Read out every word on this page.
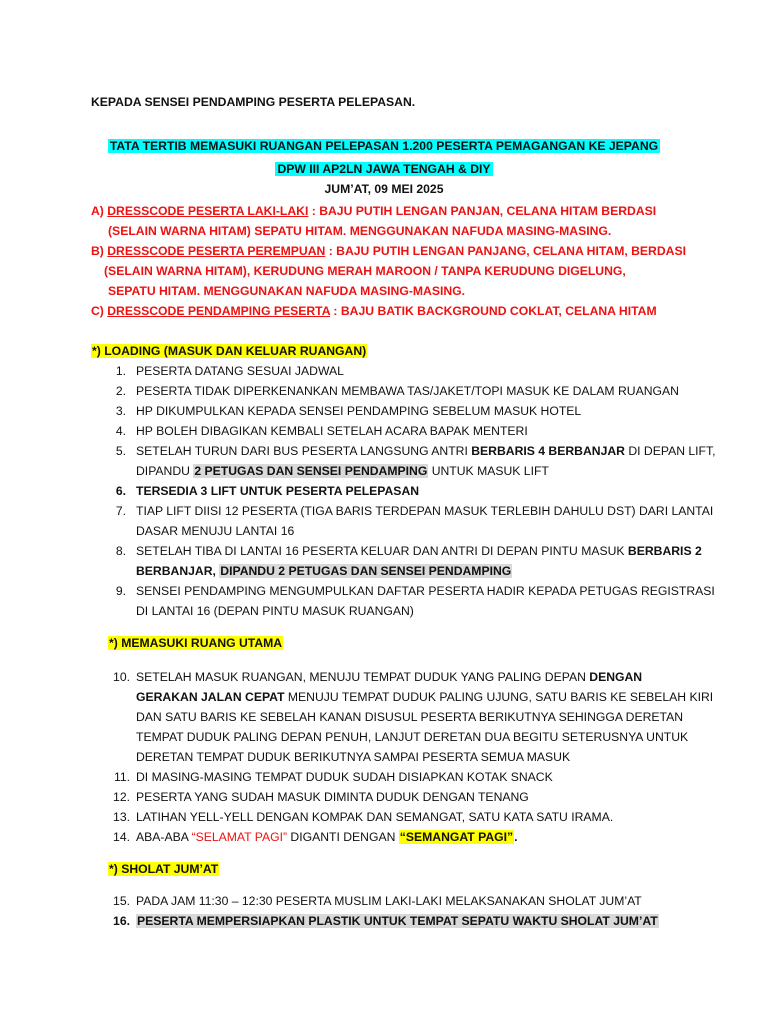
KEPADA SENSEI PENDAMPING PESERTA PELEPASAN.
TATA TERTIB MEMASUKI RUANGAN PELEPASAN 1.200 PESERTA PEMAGANGAN KE JEPANG
DPW III AP2LN JAWA TENGAH & DIY
JUM’AT, 09 MEI 2025
A) DRESSCODE PESERTA LAKI-LAKI : BAJU PUTIH LENGAN PANJAN, CELANA HITAM BERDASI
(SELAIN WARNA HITAM) SEPATU HITAM. MENGGUNAKAN NAFUDA MASING-MASING.
B) DRESSCODE PESERTA PEREMPUAN : BAJU PUTIH LENGAN PANJANG, CELANA HITAM, BERDASI
(SELAIN WARNA HITAM), KERUDUNG MERAH MAROON / TANPA KERUDUNG DIGELUNG,
SEPATU HITAM. MENGGUNAKAN NAFUDA MASING-MASING.
C) DRESSCODE PENDAMPING PESERTA : BAJU BATIK BACKGROUND COKLAT, CELANA HITAM
*) LOADING (MASUK DAN KELUAR RUANGAN)
1. PESERTA DATANG SESUAI JADWAL
2. PESERTA TIDAK DIPERKENANKAN MEMBAWA TAS/JAKET/TOPI MASUK KE DALAM RUANGAN
3. HP DIKUMPULKAN KEPADA SENSEI PENDAMPING SEBELUM MASUK HOTEL
4. HP BOLEH DIBAGIKAN KEMBALI SETELAH ACARA BAPAK MENTERI
5. SETELAH TURUN DARI BUS PESERTA LANGSUNG ANTRI BERBARIS 4 BERBANJAR DI DEPAN LIFT,
DIPANDU 2 PETUGAS DAN SENSEI PENDAMPING UNTUK MASUK LIFT
6. TERSEDIA 3 LIFT UNTUK PESERTA PELEPASAN
7. TIAP LIFT DIISI 12 PESERTA (TIGA BARIS TERDEPAN MASUK TERLEBIH DAHULU DST) DARI LANTAI
DASAR MENUJU LANTAI 16
8. SETELAH TIBA DI LANTAI 16 PESERTA KELUAR DAN ANTRI DI DEPAN PINTU MASUK BERBARIS 2
BERBANJAR, DIPANDU 2 PETUGAS DAN SENSEI PENDAMPING
9. SENSEI PENDAMPING MENGUMPULKAN DAFTAR PESERTA HADIR KEPADA PETUGAS REGISTRASI
DI LANTAI 16 (DEPAN PINTU MASUK RUANGAN)
*) MEMASUKI RUANG UTAMA
10. SETELAH MASUK RUANGAN, MENUJU TEMPAT DUDUK YANG PALING DEPAN DENGAN
GERAKAN JALAN CEPAT MENUJU TEMPAT DUDUK PALING UJUNG, SATU BARIS KE SEBELAH KIRI
DAN SATU BARIS KE SEBELAH KANAN DISUSUL PESERTA BERIKUTNYA SEHINGGA DERETAN
TEMPAT DUDUK PALING DEPAN PENUH, LANJUT DERETAN DUA BEGITU SETERUSNYA UNTUK
DERETAN TEMPAT DUDUK BERIKUTNYA SAMPAI PESERTA SEMUA MASUK
11. DI MASING-MASING TEMPAT DUDUK SUDAH DISIAPKAN KOTAK SNACK
12. PESERTA YANG SUDAH MASUK DIMINTA DUDUK DENGAN TENANG
13. LATIHAN YELL-YELL DENGAN KOMPAK DAN SEMANGAT, SATU KATA SATU IRAMA.
14. ABA-ABA “SELAMAT PAGI” DIGANTI DENGAN “SEMANGAT PAGI”.
*) SHOLAT JUM’AT
15. PADA JAM 11:30 – 12:30 PESERTA MUSLIM LAKI-LAKI MELAKSANAKAN SHOLAT JUM’AT
16. PESERTA MEMPERSIAPKAN PLASTIK UNTUK TEMPAT SEPATU WAKTU SHOLAT JUM’AT
